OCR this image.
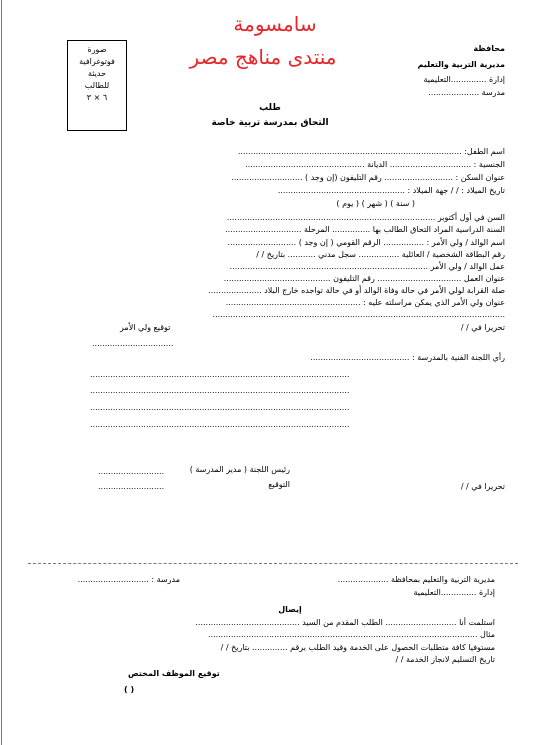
سامسومة
منتدى مناهج مصر
صورة
فوتوغرافية
حديثة
للطالب
٦ × ٣
محافظة
مديرية التربية والتعليم
إدارة ..............التعليمية
مدرسة ....................
طلب
التحاق بمدرسة تربية خاصة
اسم الطفل: ........................................................................................
الجنسية : ................................ الديانة ...............................................
عنوان السكن : ........................... رقم التليفون (إن وجد ) ............................
تاريخ الميلاد : / / جهة الميلاد : ..................................................
( سنة ) ( شهر ) ( يوم )
السن في أول أكتوبر ..................................................................................
السنة الدراسية المراد التحاق الطالب بها ............... المرحلة ..............................
اسم الوالد / ولي الأمر : ................ الرقم القومي ( إن وجد ) ...........................
رقم البطاقة الشخصية / العائلية ................ سجل مدني ........... بتاريخ / /
عمل الوالد / ولي الأمر ..............................................................................
عنوان العمل ................................. رقم التليفون ..........................................
صلة القرابة لولي الأمر في حالة وفاة الوالد أو في حالة تواجده خارج البلاد .....................
عنوان ولي الأمر الذي يمكن مراسلته عليه : .....................................................
...................................................................................................................
تحريرا في / /
توقيع ولي الأمر
................................
رأي اللجنة الفنية بالمدرسة : .......................................
......................................................................................................
......................................................................................................
......................................................................................................
......................................................................................................
رئيس اللجنة ( مدير المدرسة )
..........................
التوقيع
..........................	تحريرا في / /
مديرية التربية والتعليم بمحافظة ....................
مدرسة : ............................
إدارة ..............التعليمية
إيصال
استلمت أنا ............................ الطلب المقدم من السيد .........................................
مثال ..........................................................................................................
مستوفيا كافة متطلبات الحصول على الخدمة وقيد الطلب برقم .............. بتاريخ / /
تاريخ التسليم لانجاز الخدمة / /
توقيع الموظف المختص
( )
